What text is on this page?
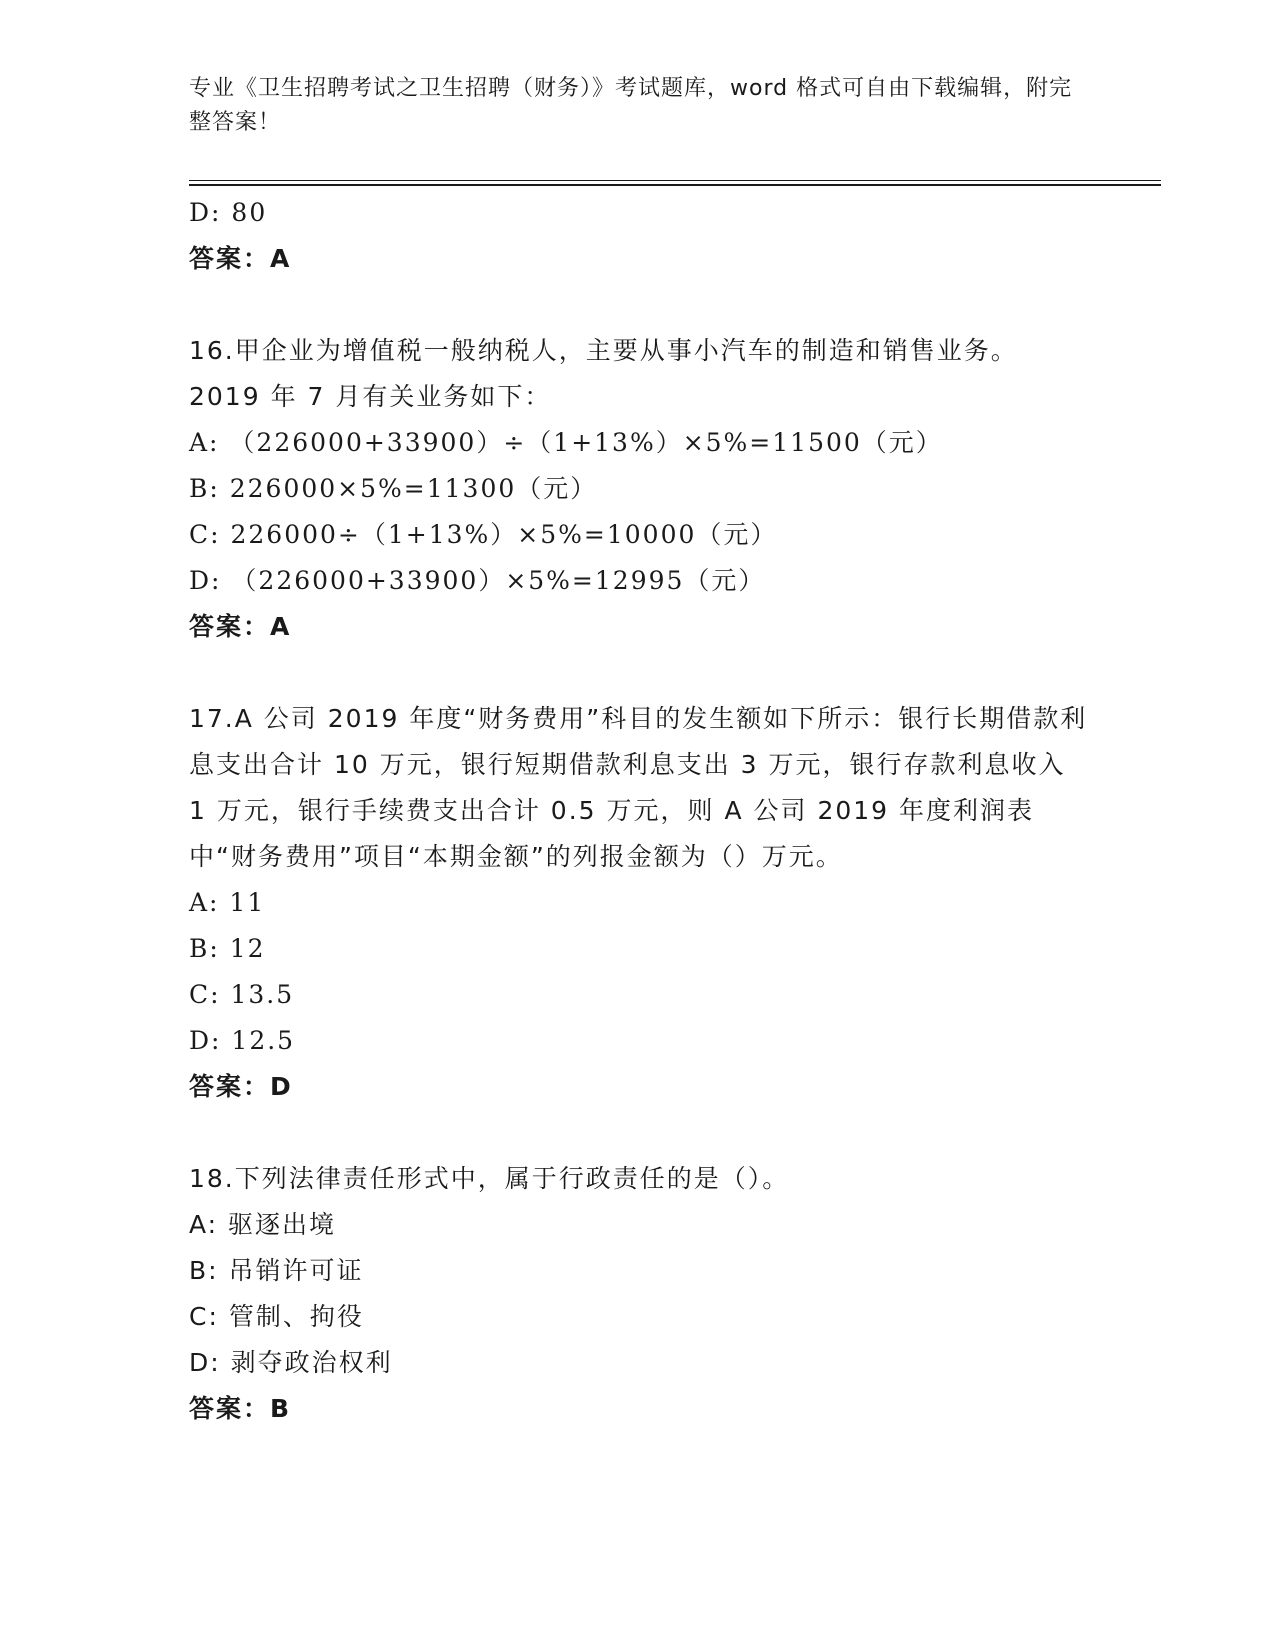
专业《卫生招聘考试之卫生招聘（财务）》考试题库，word 格式可自由下载编辑，附完整答案！
D: 80
答案：A
16.甲企业为增值税一般纳税人，主要从事小汽车的制造和销售业务。2019 年 7 月有关业务如下：
A: （226000+33900）÷（1+13%）×5%=11500（元）
B: 226000×5%=11300（元）
C: 226000÷（1+13%）×5%=10000（元）
D: （226000+33900）×5%=12995（元）
答案：A
17.A 公司 2019 年度“财务费用”科目的发生额如下所示：银行长期借款利息支出合计 10 万元，银行短期借款利息支出 3 万元，银行存款利息收入 1 万元，银行手续费支出合计 0.5 万元，则 A 公司 2019 年度利润表中“财务费用”项目“本期金额”的列报金额为（）万元。
A: 11
B: 12
C: 13.5
D: 12.5
答案：D
18.下列法律责任形式中，属于行政责任的是（）。
A: 驱逐出境
B: 吊销许可证
C: 管制、拘役
D: 剥夺政治权利
答案：B
